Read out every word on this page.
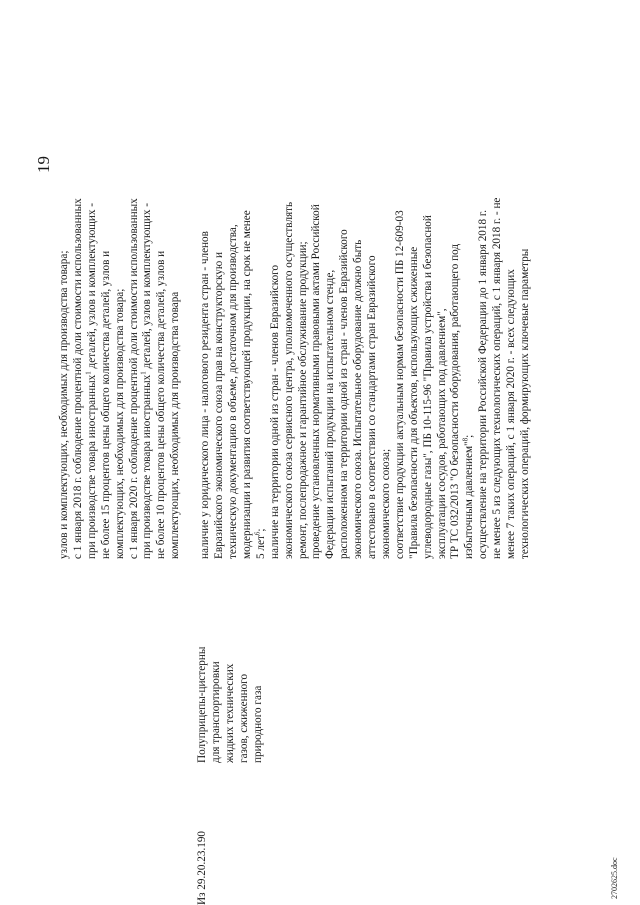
19
Из 29.20.23.190
Полуприцепы-цистерны для транспортировки жидких технических газов, сжиженного природного газа
узлов и комплектующих, необходимых для производства товара; с 1 января 2018 г. соблюдение процентной доли стоимости использованных при производстве товара иностранных$^1$ деталей, узлов и комплектующих - не более 15 процентов цены общего количества деталей, узлов и комплектующих, необходимых для производства товара; с 1 января 2020 г. соблюдение процентной доли стоимости использованных при производстве товара иностранных$^1$ деталей, узлов и комплектующих - не более 10 процентов цены общего количества деталей, узлов и комплектующих, необходимых для производства товара наличие у юридического лица - налогового резидента стран - членов Евразийского экономического союза прав на конструкторскую и техническую документацию в объеме, достаточном для производства, модернизации и развития соответствующей продукции, на срок не менее 5 лет$^6$; наличие на территории одной из стран - членов Евразийского экономического союза сервисного центра, уполномоченного осуществлять ремонт, послепродажное и гарантийное обслуживание продукции; проведение установленных нормативными правовыми актами Российской Федерации испытаний продукции на испытательном стенде, расположенном на территории одной из стран - членов Евразийского экономического союза. Испытательное оборудование должно быть аттестовано в соответствии со стандартами стран Евразийского экономического союза; соответствие продукции актуальным нормам безопасности ПБ 12-609-03 "Правила безопасности для объектов, использующих сжиженные углеводородные газы", ПБ 10-115-96 "Правила устройства и безопасной эксплуатации сосудов, работающих под давлением", ТР ТС 032/2013 "О безопасности оборудования, работающего под избыточным давлением"$^8$; осуществление на территории Российской Федерации до 1 января 2018 г. не менее 5 из следующих технологических операций, с 1 января 2018 г. - не менее 7 таких операций, с 1 января 2020 г. - всех следующих технологических операций, формирующих ключевые параметры
2702625.doc
